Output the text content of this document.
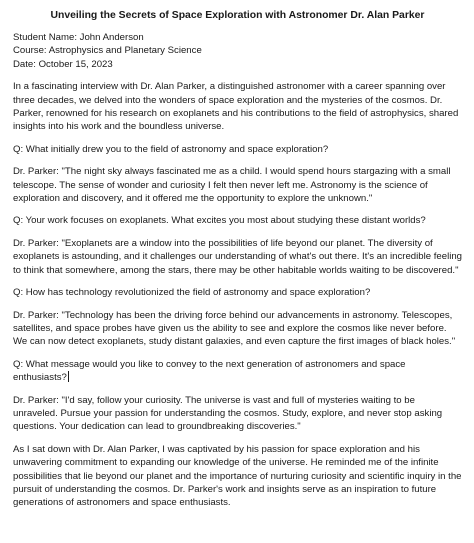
Unveiling the Secrets of Space Exploration with Astronomer Dr. Alan Parker
Student Name: John Anderson
Course: Astrophysics and Planetary Science
Date: October 15, 2023

In a fascinating interview with Dr. Alan Parker, a distinguished astronomer with a career spanning over three decades, we delved into the wonders of space exploration and the mysteries of the cosmos. Dr. Parker, renowned for his research on exoplanets and his contributions to the field of astrophysics, shared insights into his work and the boundless universe.

Q: What initially drew you to the field of astronomy and space exploration?

Dr. Parker: "The night sky always fascinated me as a child. I would spend hours stargazing with a small telescope. The sense of wonder and curiosity I felt then never left me. Astronomy is the science of exploration and discovery, and it offered me the opportunity to explore the unknown."

Q: Your work focuses on exoplanets. What excites you most about studying these distant worlds?

Dr. Parker: "Exoplanets are a window into the possibilities of life beyond our planet. The diversity of exoplanets is astounding, and it challenges our understanding of what's out there. It's an incredible feeling to think that somewhere, among the stars, there may be other habitable worlds waiting to be discovered."

Q: How has technology revolutionized the field of astronomy and space exploration?

Dr. Parker: "Technology has been the driving force behind our advancements in astronomy. Telescopes, satellites, and space probes have given us the ability to see and explore the cosmos like never before. We can now detect exoplanets, study distant galaxies, and even capture the first images of black holes."

Q: What message would you like to convey to the next generation of astronomers and space enthusiasts?

Dr. Parker: "I'd say, follow your curiosity. The universe is vast and full of mysteries waiting to be unraveled. Pursue your passion for understanding the cosmos. Study, explore, and never stop asking questions. Your dedication can lead to groundbreaking discoveries."

As I sat down with Dr. Alan Parker, I was captivated by his passion for space exploration and his unwavering commitment to expanding our knowledge of the universe. He reminded me of the infinite possibilities that lie beyond our planet and the importance of nurturing curiosity and scientific inquiry in the pursuit of understanding the cosmos. Dr. Parker's work and insights serve as an inspiration to future generations of astronomers and space enthusiasts.
